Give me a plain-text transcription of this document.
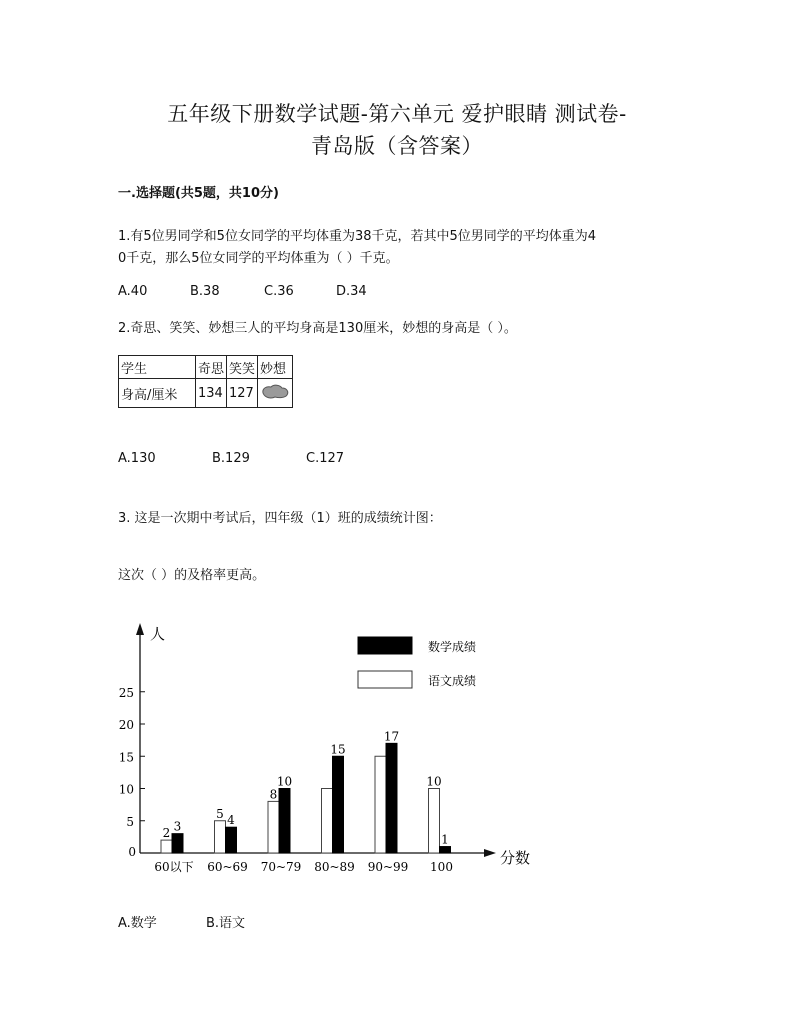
五年级下册数学试题-第六单元 爱护眼睛 测试卷-
青岛版（含答案）
一.选择题(共5题，共10分)
1.有5位男同学和5位女同学的平均体重为38千克，若其中5位男同学的平均体重为4
0千克，那么5位女同学的平均体重为（ ）千克。
A.40	B.38	C.36	D.34
2.奇思、笑笑、妙想三人的平均身高是130厘米，妙想的身高是（ ）。
学生	奇思	笑笑	妙想
身高/厘米	134	127	
A.130	B.129	C.127
3. 这是一次期中考试后，四年级（1）班的成绩统计图：
这次（ ）的及格率更高。
人
分数
0
5
10
15
20
25
2 3
5 4
8
10
15
17
10
1
60以下 60~69 70~79 80~89 90~99 100
数学成绩
语文成绩
A.数学	B.语文
